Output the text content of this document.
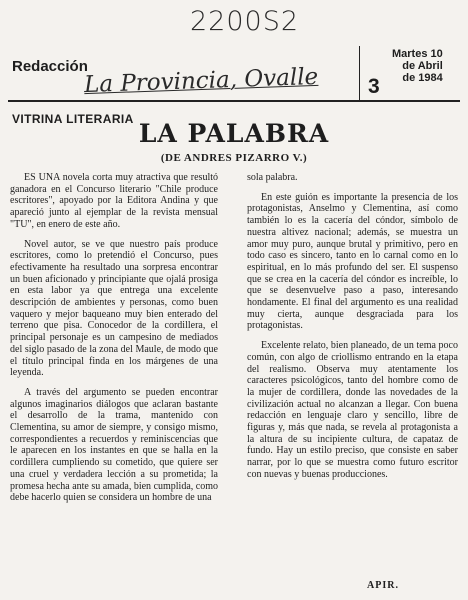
2200S2
Redacción
La Provincia, Ovalle 3
Martes 10
de Abril
de 1984
VITRINA LITERARIA LA PALABRA
(DE ANDRES PIZARRO V.)

ES UNA novela corta muy atractiva que resultó ganadora en el Concurso literario "Chile produce escritores", apoyado por la Editora Andina y que apareció junto al ejemplar de la revista mensual "TU", en enero de este año.

Novel autor, se ve que nuestro país produce escritores, como lo pretendió el Concurso, pues efectivamente ha resultado una sorpresa encontrar un buen aficionado y principiante que ojalá prosiga en esta labor ya que entrega una excelente descripción de ambientes y personas, como buen vaquero y mejor baqueano muy bien enterado del terreno que pisa. Conocedor de la cordillera, el principal personaje es un campesino de mediados del siglo pasado de la zona del Maule, de modo que el título principal finda en los márgenes de una leyenda.

A través del argumento se pueden encontrar algunos imaginarios diálogos que aclaran bastante el desarrollo de la trama, mantenido con Clementina, su amor de siempre, y consigo mismo, correspondientes a recuerdos y reminiscencias que le aparecen en los instantes en que se halla en la cordillera cumpliendo su cometido, que quiere ser una cruel y verdadera lección a su prometida; la promesa hecha ante su amada, bien cumplida, como debe hacerlo quien se considera un hombre de una

sola palabra.

En este guión es importante la presencia de los protagonistas, Anselmo y Clementina, así como también lo es la cacería del cóndor, símbolo de nuestra altivez nacional; además, se muestra un amor muy puro, aunque brutal y primitivo, pero en todo caso es sincero, tanto en lo carnal como en lo espiritual, en lo más profundo del ser. El suspenso que se crea en la cacería del cóndor es increíble, lo que se desenvuelve paso a paso, interesando hondamente. El final del argumento es una realidad muy cierta, aunque desgraciada para los protagonistas.

Excelente relato, bien planeado, de un tema poco común, con algo de criollismo entrando en la etapa del realismo. Observa muy atentamente los caracteres psicológicos, tanto del hombre como de la mujer de cordillera, donde las novedades de la civilización actual no alcanzan a llegar. Con buena redacción en lenguaje claro y sencillo, libre de figuras y, más que nada, se revela al protagonista a la altura de su incipiente cultura, de capataz de fundo. Hay un estilo preciso, que consiste en saber narrar, por lo que se muestra como futuro escritor con nuevas y buenas producciones.

APIR.
